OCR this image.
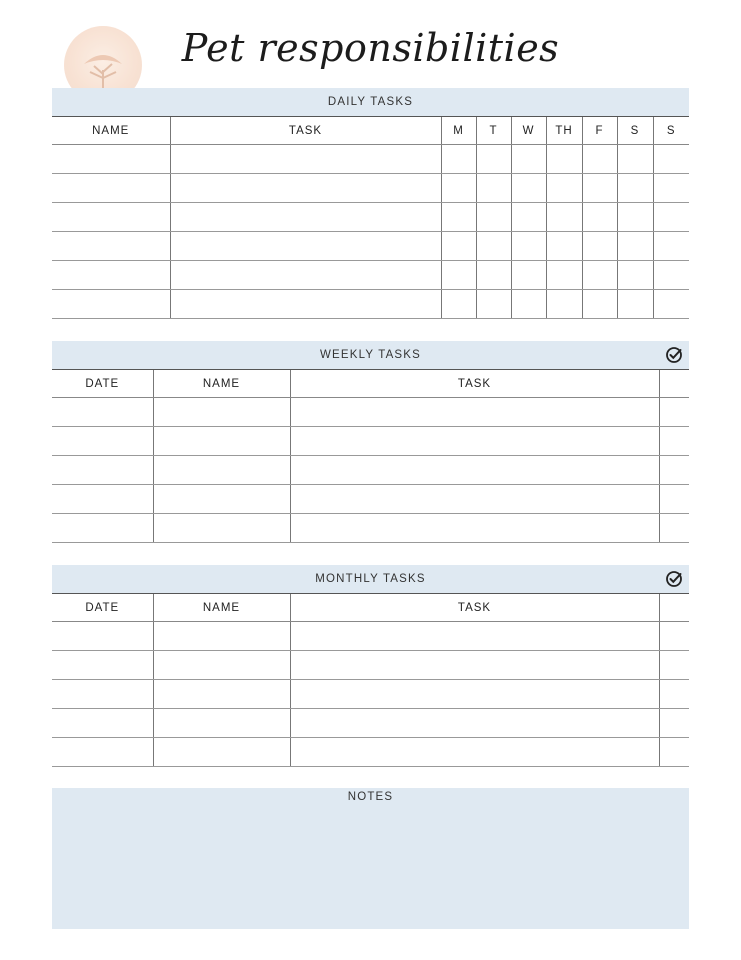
Pet responsibilities
DAILY TASKS
NAME	TASK	M	T	W	TH	F	S	S

WEEKLY TASKS
DATE	NAME	TASK	

MONTHLY TASKS
DATE	NAME	TASK	

NOTES
